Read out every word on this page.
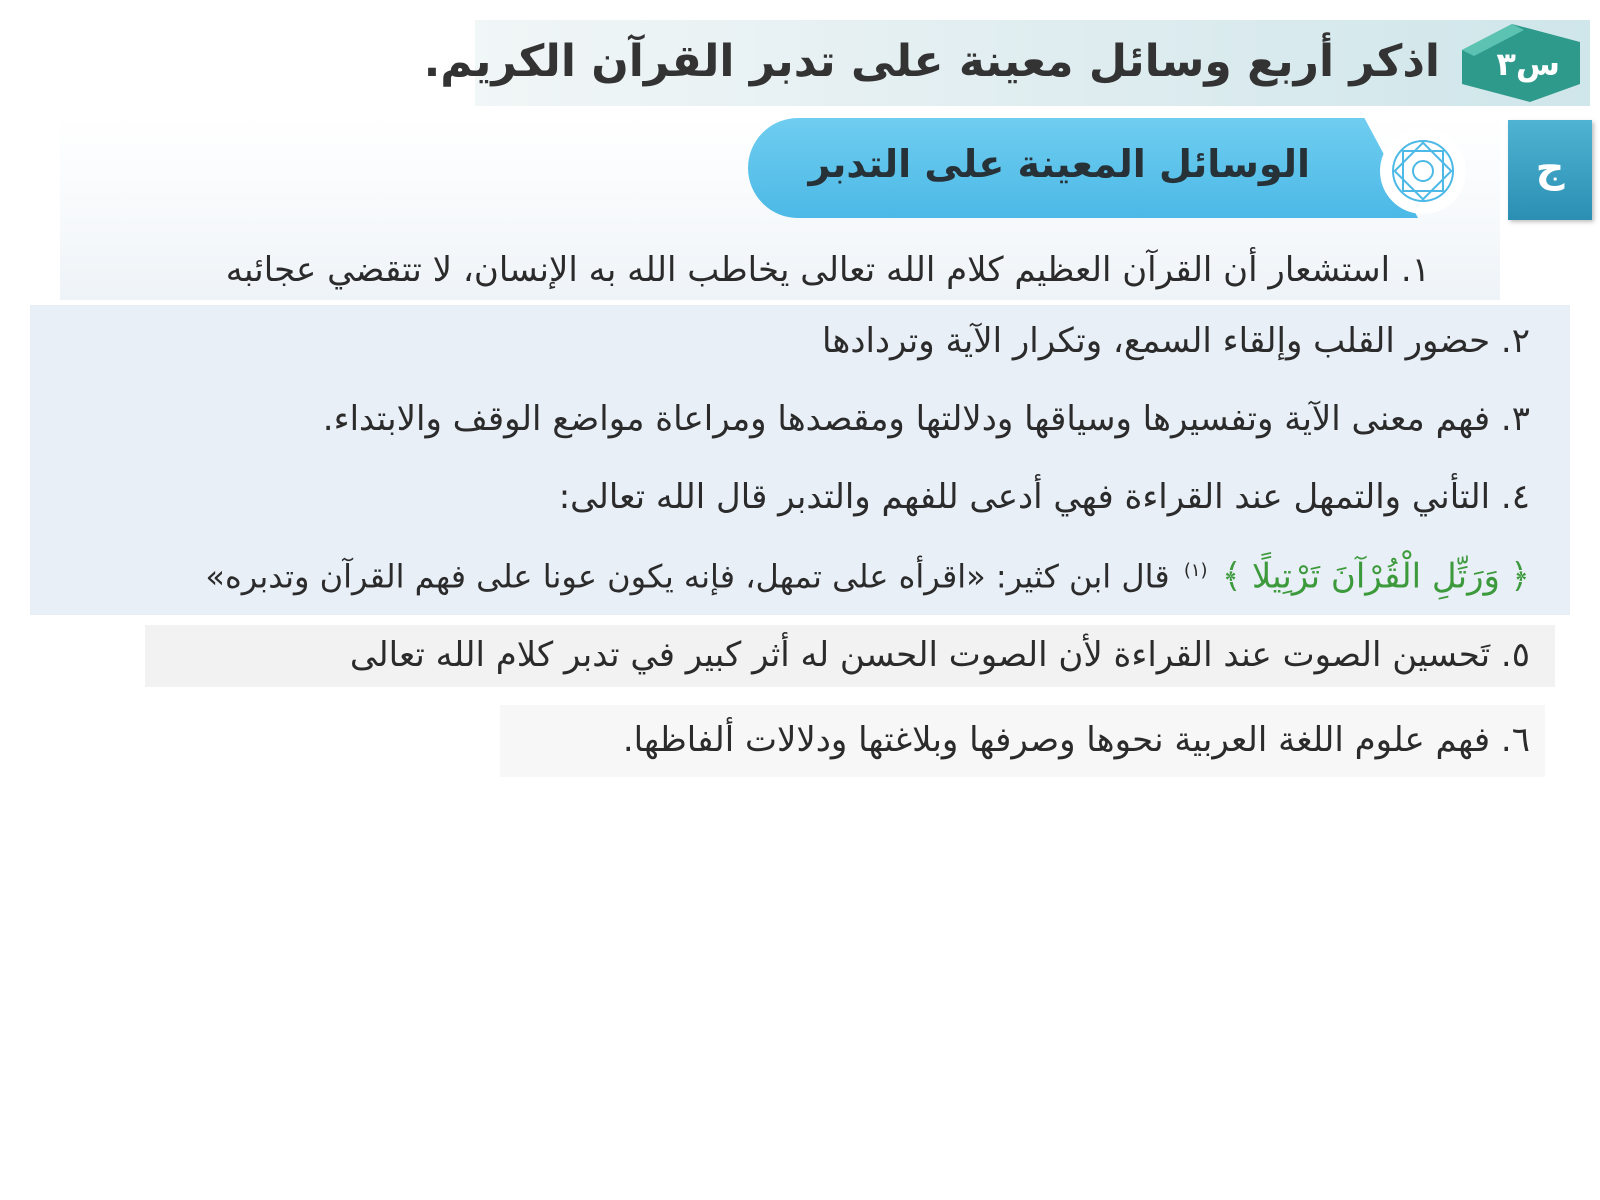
اذكر أربع وسائل معينة على تدبر القرآن الكريم. س٣
ج
الوسائل المعينة على التدبر
١. استشعار أن القرآن العظيم كلام الله تعالى يخاطب الله به الإنسان، لا تتقضي عجائبه
٢. حضور القلب وإلقاء السمع، وتكرار الآية وتردادها
٣. فهم معنى الآية وتفسيرها وسياقها ودلالتها ومقصدها ومراعاة مواضع الوقف والابتداء.
٤. التأني والتمهل عند القراءة فهي أدعى للفهم والتدبر قال الله تعالى:
﴿ وَرَتِّلِ الْقُرْآنَ تَرْتِيلًا ﴾ $^{(١)}$ قال ابن كثير: «اقرأه على تمهل، فإنه يكون عونا على فهم القرآن وتدبره»
٥. تَحسين الصوت عند القراءة لأن الصوت الحسن له أثر كبير في تدبر كلام الله تعالى
٦. فهم علوم اللغة العربية نحوها وصرفها وبلاغتها ودلالات ألفاظها.
